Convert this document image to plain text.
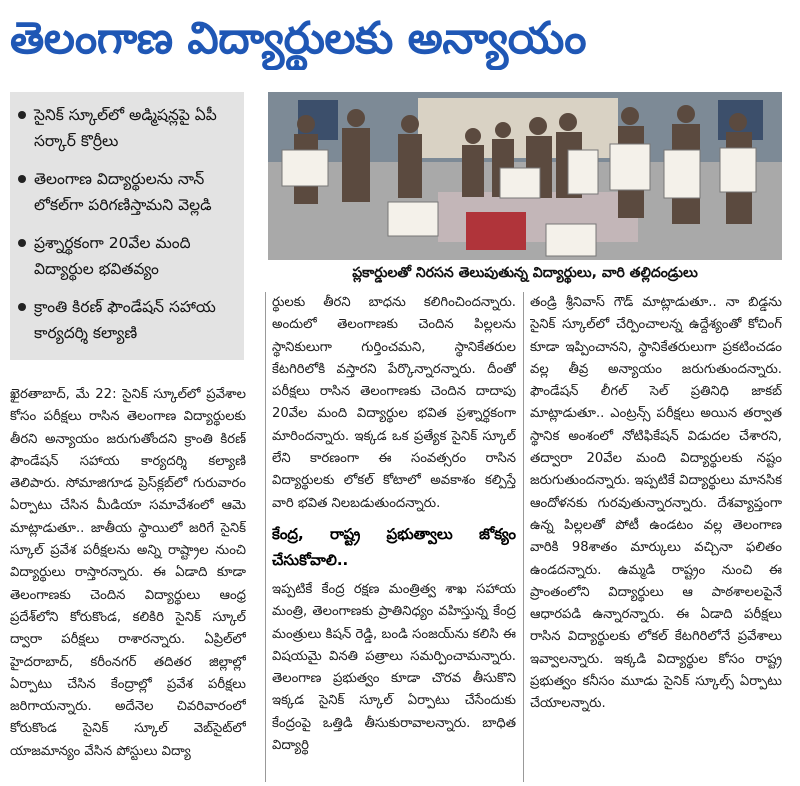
తెలంగాణ విద్యార్థులకు అన్యాయం
సైనిక్ స్కూల్‌లో అడ్మిషన్లపై ఏపీ సర్కార్ కొర్రీలు
తెలంగాణ విద్యార్థులను నాన్ లోకల్‌గా పరిగణిస్తామని వెల్లడి
ప్రశ్నార్థకంగా 20వేల మంది విద్యార్థుల భవితవ్యం
క్రాంతి కిరణ్ ఫౌండేషన్ సహాయ కార్యదర్శి కల్యాణి
ప్లకార్డులతో నిరసన తెలుపుతున్న విద్యార్థులు, వారి తల్లిదండ్రులు

ఖైరతాబాద్, మే 22: సైనిక్ స్కూల్‌లో ప్రవేశాల కోసం పరీక్షలు రాసిన తెలంగాణ విద్యార్థులకు తీరని అన్యాయం జరుగుతోందని క్రాంతి కిరణ్ ఫౌండేషన్ సహాయ కార్యదర్శి కల్యాణి తెలిపారు. సోమాజిగూడ ప్రెస్‌క్లబ్‌లో గురువారం ఏర్పాటు చేసిన మీడియా సమావేశంలో ఆమె మాట్లాడుతూ.. జాతీయ స్థాయిలో జరిగే సైనిక్ స్కూల్ ప్రవేశ పరీక్షలను అన్ని రాష్ట్రాల నుంచి విద్యార్థులు రాస్తారన్నారు. ఈ ఏడాది కూడా తెలంగాణకు చెందిన విద్యార్థులు ఆంధ్ర ప్రదేశ్‌లోని కోరుకొండ, కలికిరి సైనిక్ స్కూల్ ద్వారా పరీక్షలు రాశారన్నారు. ఏప్రిల్‌లో హైదరాబాద్, కరీంనగర్ తదితర జిల్లాల్లో ఏర్పాటు చేసిన కేంద్రాల్లో ప్రవేశ పరీక్షలు జరిగాయన్నారు. అదేనెల చివరివారంలో కోరుకొండ సైనిక్ స్కూల్ వెబ్‌సైట్‌లో యాజమాన్యం వేసిన పోస్టులు విద్యా

ర్థులకు తీరని బాధను కలిగించిందన్నారు. అందులో తెలంగాణకు చెందిన పిల్లలను స్థానికులుగా గుర్తించమని, స్థానికేతరుల కేటగిరిలోకి వస్తారని పేర్కొన్నారన్నారు. దీంతో పరీక్షలు రాసిన తెలంగాణకు చెందిన దాదాపు 20వేల మంది విద్యార్థుల భవిత ప్రశ్నార్థకంగా మారిందన్నారు. ఇక్కడ ఒక ప్రత్యేక సైనిక్ స్కూల్ లేని కారణంగా ఈ సంవత్సరం రాసిన విద్యార్థులకు లోకల్ కోటాలో అవకాశం కల్పిస్తే వారి భవిత నిలబడుతుందన్నారు.

కేంద్ర, రాష్ట్ర ప్రభుత్వాలు జోక్యం చేసుకోవాలి..

ఇప్పటికే కేంద్ర రక్షణ మంత్రిత్వ శాఖ సహాయ మంత్రి, తెలంగాణకు ప్రాతినిధ్యం వహిస్తున్న కేంద్ర మంత్రులు కిషన్ రెడ్డి, బండి సంజయ్‌ను కలిసి ఈ విషయమై వినతి పత్రాలు సమర్పించామన్నారు. తెలంగాణ ప్రభుత్వం కూడా చొరవ తీసుకొని ఇక్కడ సైనిక్ స్కూల్ ఏర్పాటు చేసేందుకు కేంద్రంపై ఒత్తిడి తీసుకురావాలన్నారు. బాధిత విద్యార్థి

తండ్రి శ్రీనివాస్ గౌడ్ మాట్లాడుతూ.. నా బిడ్డను సైనిక్ స్కూల్‌లో చేర్పించాలన్న ఉద్దేశ్యంతో కోచింగ్ కూడా ఇప్పించానని, స్థానికేతరులుగా ప్రకటించడం వల్ల తీవ్ర అన్యాయం జరుగుతుందన్నారు. ఫౌండేషన్ లీగల్ సెల్ ప్రతినిధి జాకబ్ మాట్లాడుతూ.. ఎంట్రన్స్ పరీక్షలు అయిన తర్వాత స్థానిక అంశంలో నోటిఫికేషన్ విడుదల చేశారని, తద్వారా 20వేల మంది విద్యార్థులకు నష్టం జరుగుతుందన్నారు. ఇప్పటికే విద్యార్థులు మానసిక ఆందోళనకు గురవుతున్నారన్నారు. దేశవ్యాప్తంగా ఉన్న పిల్లలతో పోటీ ఉండటం వల్ల తెలంగాణ వారికి 98శాతం మార్కులు వచ్చినా ఫలితం ఉండదన్నారు. ఉమ్మడి రాష్ట్రం నుంచి ఈ ప్రాంతంలోని విద్యార్థులు ఆ పాఠశాలలపైనే ఆధారపడి ఉన్నారన్నారు. ఈ ఏడాది పరీక్షలు రాసిన విద్యార్థులకు లోకల్ కేటగిరిలోనే ప్రవేశాలు ఇవ్వాలన్నారు. ఇక్కడి విద్యార్థుల కోసం రాష్ట్ర ప్రభుత్వం కనీసం మూడు సైనిక్ స్కూల్స్ ఏర్పాటు చేయాలన్నారు.
